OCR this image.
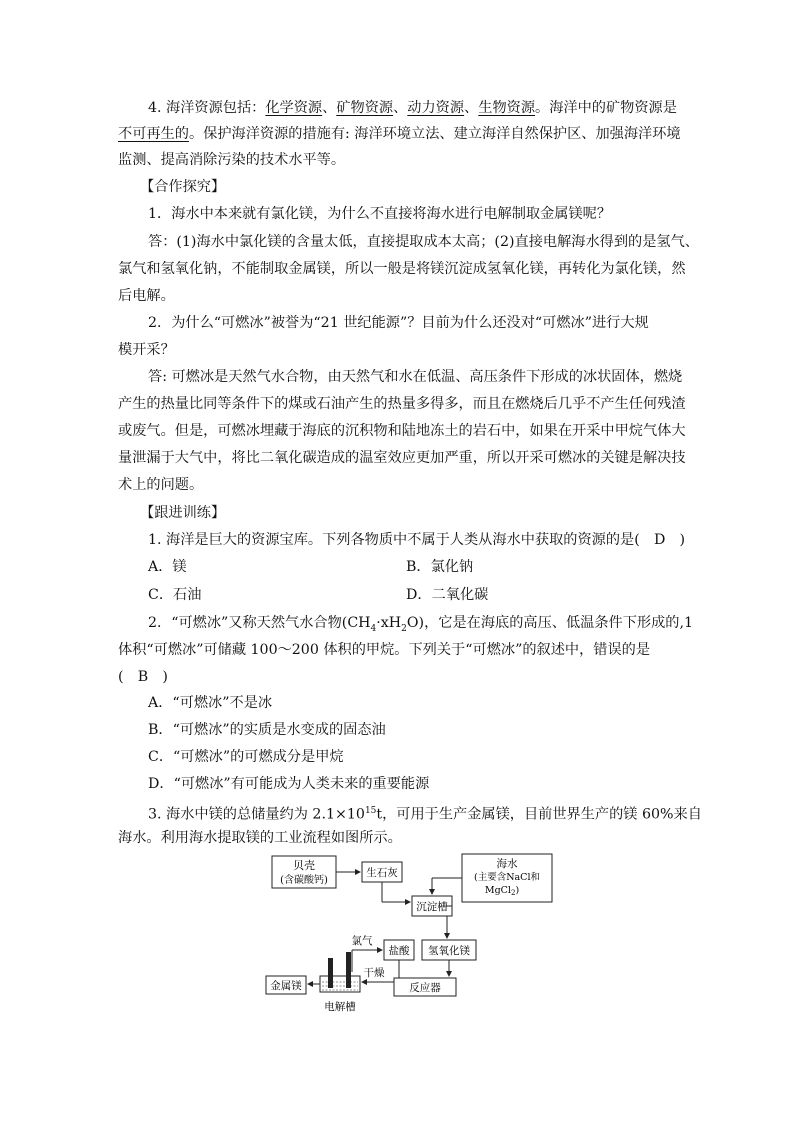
4. 海洋资源包括：化学资源、矿物资源、动力资源、生物资源。海洋中的矿物资源是
不可再生的。保护海洋资源的措施有: 海洋环境立法、建立海洋自然保护区、加强海洋环境
监测、提高消除污染的技术水平等。
【合作探究】
1．海水中本来就有氯化镁，为什么不直接将海水进行电解制取金属镁呢？
答：(1)海水中氯化镁的含量太低，直接提取成本太高；(2)直接电解海水得到的是氢气、
氯气和氢氧化钠，不能制取金属镁，所以一般是将镁沉淀成氢氧化镁，再转化为氯化镁，然
后电解。
2．为什么“可燃冰”被誉为“21 世纪能源”？目前为什么还没对“可燃冰”进行大规
模开采？
答: 可燃冰是天然气水合物，由天然气和水在低温、高压条件下形成的冰状固体，燃烧
产生的热量比同等条件下的煤或石油产生的热量多得多，而且在燃烧后几乎不产生任何残渣
或废气。但是，可燃冰埋藏于海底的沉积物和陆地冻土的岩石中，如果在开采中甲烷气体大
量泄漏于大气中，将比二氧化碳造成的温室效应更加严重，所以开采可燃冰的关键是解决技
术上的问题。
【跟进训练】
1. 海洋是巨大的资源宝库。下列各物质中不属于人类从海水中获取的资源的是(　D　)
A．镁	B．氯化钠
C．石油	D．二氧化碳
2．“可燃冰”又称天然气水合物$(CH_4\cdot xH_2O)$，它是在海底的高压、低温条件下形成的,1
体积“可燃冰”可储藏 100～200 体积的甲烷。下列关于“可燃冰”的叙述中，错误的是
(　B　)
A．“可燃冰”不是冰
B．“可燃冰”的实质是水变成的固态油
C．“可燃冰”的可燃成分是甲烷
D．“可燃冰”有可能成为人类未来的重要能源
3. 海水中镁的总储量约为 $2.1\times 10^{15}t$，可用于生产金属镁，目前世界生产的镁 60%来自
海水。利用海水提取镁的工业流程如图所示。
贝壳
(含碳酸钙)
生石灰
海水
(主要含NaCl和
MgCl$_2$)
沉淀槽
氢氧化镁
盐酸
氯气
反应器
干燥
电解槽
金属镁
